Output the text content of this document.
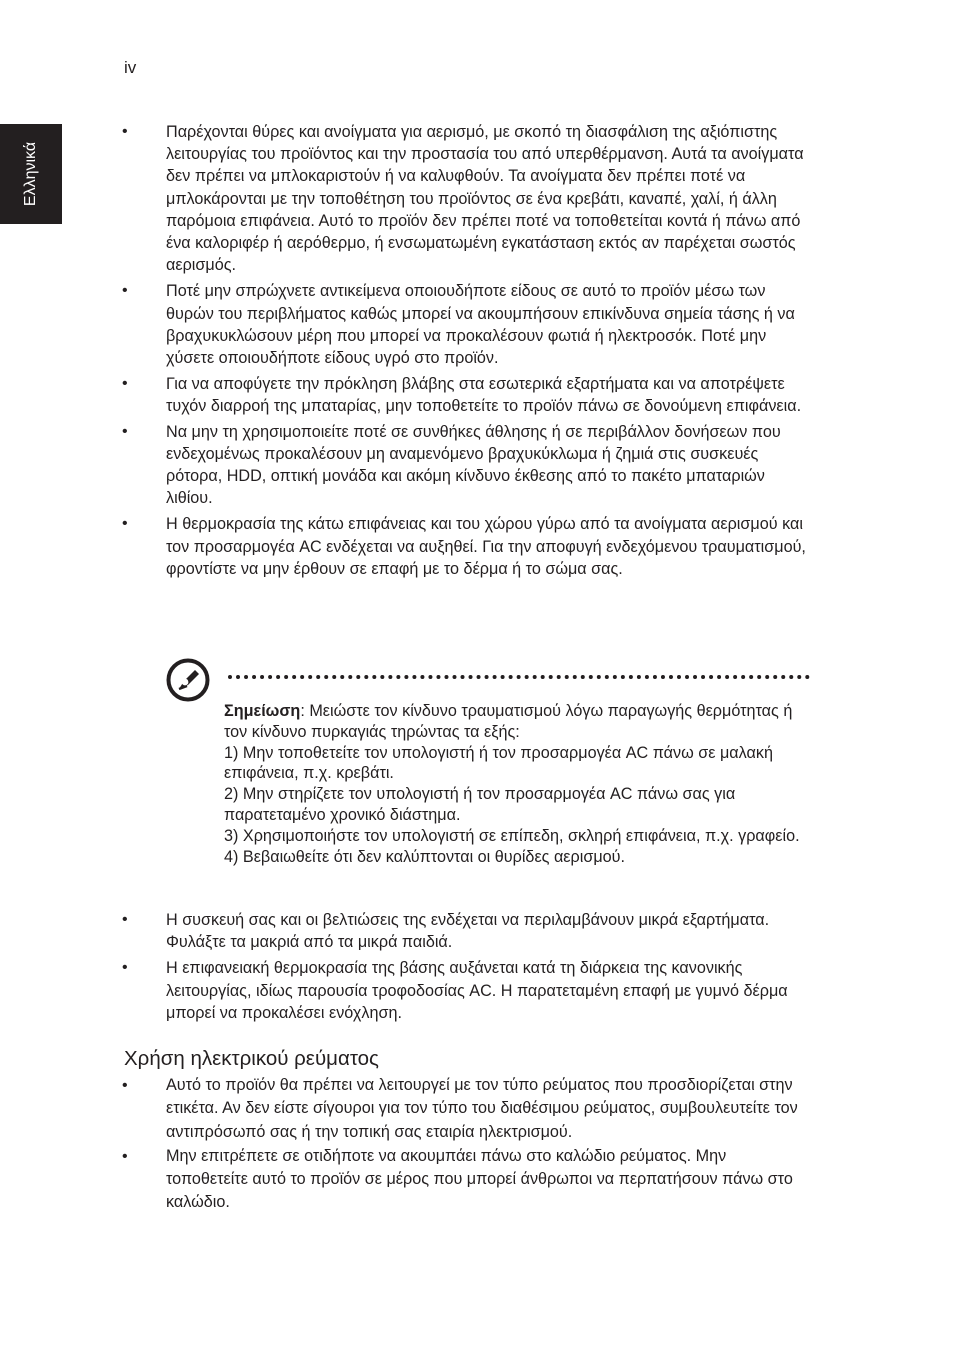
iv
Ελληνικά
• Παρέχονται θύρες και ανοίγματα για αερισμό, με σκοπό τη διασφάλιση της αξιόπιστης λειτουργίας του προϊόντος και την προστασία του από υπερθέρμανση. Αυτά τα ανοίγματα δεν πρέπει να μπλοκαριστούν ή να καλυφθούν. Τα ανοίγματα δεν πρέπει ποτέ να μπλοκάρονται με την τοποθέτηση του προϊόντος σε ένα κρεβάτι, καναπέ, χαλί, ή άλλη παρόμοια επιφάνεια. Αυτό το προϊόν δεν πρέπει ποτέ να τοποθετείται κοντά ή πάνω από ένα καλοριφέρ ή αερόθερμο, ή ενσωματωμένη εγκατάσταση εκτός αν παρέχεται σωστός αερισμός.
• Ποτέ μην σπρώχνετε αντικείμενα οποιουδήποτε είδους σε αυτό το προϊόν μέσω των θυρών του περιβλήματος καθώς μπορεί να ακουμπήσουν επικίνδυνα σημεία τάσης ή να βραχυκυκλώσουν μέρη που μπορεί να προκαλέσουν φωτιά ή ηλεκτροσόκ. Ποτέ μην χύσετε οποιουδήποτε είδους υγρό στο προϊόν.
• Για να αποφύγετε την πρόκληση βλάβης στα εσωτερικά εξαρτήματα και να αποτρέψετε τυχόν διαρροή της μπαταρίας, μην τοποθετείτε το προϊόν πάνω σε δονούμενη επιφάνεια.
• Να μην τη χρησιμοποιείτε ποτέ σε συνθήκες άθλησης ή σε περιβάλλον δονήσεων που ενδεχομένως προκαλέσουν μη αναμενόμενο βραχυκύκλωμα ή ζημιά στις συσκευές ρότορα, HDD, οπτική μονάδα και ακόμη κίνδυνο έκθεσης από το πακέτο μπαταριών λιθίου.
• Η θερμοκρασία της κάτω επιφάνειας και του χώρου γύρω από τα ανοίγματα αερισμού και τον προσαρμογέα AC ενδέχεται να αυξηθεί. Για την αποφυγή ενδεχόμενου τραυματισμού, φροντίστε να μην έρθουν σε επαφή με το δέρμα ή το σώμα σας.
Σημείωση: Μειώστε τον κίνδυνο τραυματισμού λόγω παραγωγής θερμότητας ή τον κίνδυνο πυρκαγιάς τηρώντας τα εξής:
1) Μην τοποθετείτε τον υπολογιστή ή τον προσαρμογέα AC πάνω σε μαλακή επιφάνεια, π.χ. κρεβάτι.
2) Μην στηρίζετε τον υπολογιστή ή τον προσαρμογέα AC πάνω σας για παρατεταμένο χρονικό διάστημα.
3) Χρησιμοποιήστε τον υπολογιστή σε επίπεδη, σκληρή επιφάνεια, π.χ. γραφείο.
4) Βεβαιωθείτε ότι δεν καλύπτονται οι θυρίδες αερισμού.
• Η συσκευή σας και οι βελτιώσεις της ενδέχεται να περιλαμβάνουν μικρά εξαρτήματα. Φυλάξτε τα μακριά από τα μικρά παιδιά.
• Η επιφανειακή θερμοκρασία της βάσης αυξάνεται κατά τη διάρκεια της κανονικής λειτουργίας, ιδίως παρουσία τροφοδοσίας AC. Η παρατεταμένη επαφή με γυμνό δέρμα μπορεί να προκαλέσει ενόχληση.
Χρήση ηλεκτρικού ρεύματος
• Αυτό το προϊόν θα πρέπει να λειτουργεί με τον τύπο ρεύματος που προσδιορίζεται στην ετικέτα. Αν δεν είστε σίγουροι για τον τύπο του διαθέσιμου ρεύματος, συμβουλευτείτε τον αντιπρόσωπό σας ή την τοπική σας εταιρία ηλεκτρισμού.
• Μην επιτρέπετε σε οτιδήποτε να ακουμπάει πάνω στο καλώδιο ρεύματος. Μην τοποθετείτε αυτό το προϊόν σε μέρος που μπορεί άνθρωποι να περπατήσουν πάνω στο καλώδιο.
